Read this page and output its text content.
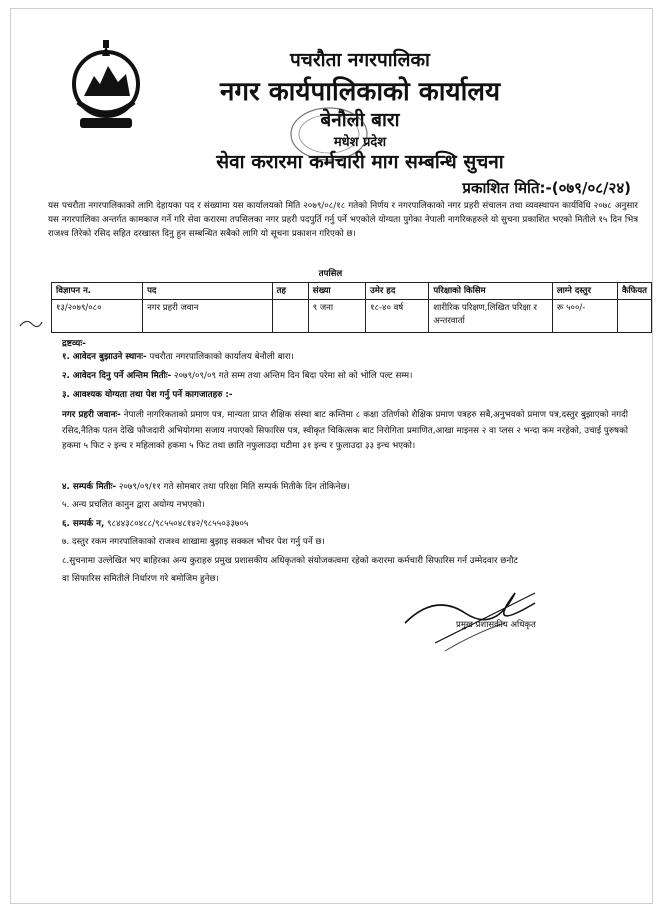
पचरौता नगरपालिका
नगर कार्यपालिकाको कार्यालय
बेनौली बारा
मधेश प्रदेश
सेवा करारमा कर्मचारी माग सम्बन्धि सुचना
प्रकाशित मिति:-(०७९/०८/२४)
यस पचरौता नगरपालिकाको लागि देहायका पद र संख्यामा यस कार्यालयको मिति २०७९/०८/१८ गतेको निर्णय र नगरपालिकाको नगर प्रहरी संचालन तथा व्यवस्थापन कार्यविधि २०७८ अनुसार यस नगरपालिका अन्तर्गत कामकाज गर्ने गरि सेवा करारमा तपसिलका नगर प्रहरी पदपुर्ति गर्नु पर्ने भएकोले योग्यता पुगेका नेपाली नागरिकहरुले यो सुचना प्रकाशित भएको मितीले १५ दिन भित्र राजश्व तिरेको रसिद सहित दरखास्त दिनु हुन सम्बन्धित सबैको लागि यो सूचना प्रकाशन गरिएको छ।
तपसिल
विज्ञापन न.	पद	तह	संख्या	उमेर हद	परिक्षाको किसिम	लाग्ने दस्तुर	कैफियत
१३/२०७९/०८०	नगर प्रहरी जवान		९ जना	१८-४० वर्ष	शारीरिक परिक्षण,लिखित परिक्षा र अन्तरवार्ता	रू ५००/-	
द्रष्टव्यः-
१. आवेदन बुझाउने स्थानः- पचरौता नगरपालिकाको कार्यालय बेनौली बारा।
२. आवेदन दिनु पर्ने अन्तिम मितीः- २०७९/०९/०९ गते सम्म तथा अन्तिम दिन बिदा परेमा सो को भोलि पल्ट सम्म।
३. आवश्यक योग्यता तथा पेश गर्नु पर्ने कागजातहरु :-
नगर प्रहरी जवानः- नेपाली नागरिकताको प्रमाण पत्र, मान्यता प्राप्त शैक्षिक संस्था बाट कम्तिमा ८ कक्षा उतिर्णको शैक्षिक प्रमाण पत्रहरु सबै,अनुभवको प्रमाण पत्र,दस्तुर बुझाएको नगदी रसिद,नैतिक पतन देखि फौजदारी अभियोगमा सजाय नपाएको सिफारिस पत्र, स्वीकृत चिकित्सक बाट निरोगिता प्रमाणित,आखा माइनस २ वा प्लस २ भन्दा कम नरहेको, उचाई पुरुषको हकमा ५ फिट २ इन्च र महिलाको हकमा ५ फिट तथा छाति नफुलाउदा घटीमा ३१ इन्च र फुलाउदा ३३ इन्च भएको।
४. सम्पर्क मितीः- २०७९/०९/११ गते सोमबार तथा परिक्षा मिति सम्पर्क मितीके दिन तोकिनेछ।
५. अन्य प्रचलित कानुन द्वारा अयोग्य नभएको।
६. सम्पर्क न, ९८४४३८०४८८/९८५५०४८१४२/९८५५०३३७०५
७. दस्तुर रकम नगरपालिकाको राजश्व शाखामा बुझाइ सक्कल भौचर पेश गर्नु पर्ने छ।
८.सुचनामा उल्लेखित भए बाहिरका अन्य कुराहरु प्रमुख प्रशासकीय अधिकृतको संयोजकत्वमा रहेको करारमा कर्मचारी सिफारिस गर्न उम्मेदवार छनौट
वा सिफारिस समितीले निर्धारण गरे बमोजिम हुनेछ।
प्रमुख प्रशासकीय अधिकृत
